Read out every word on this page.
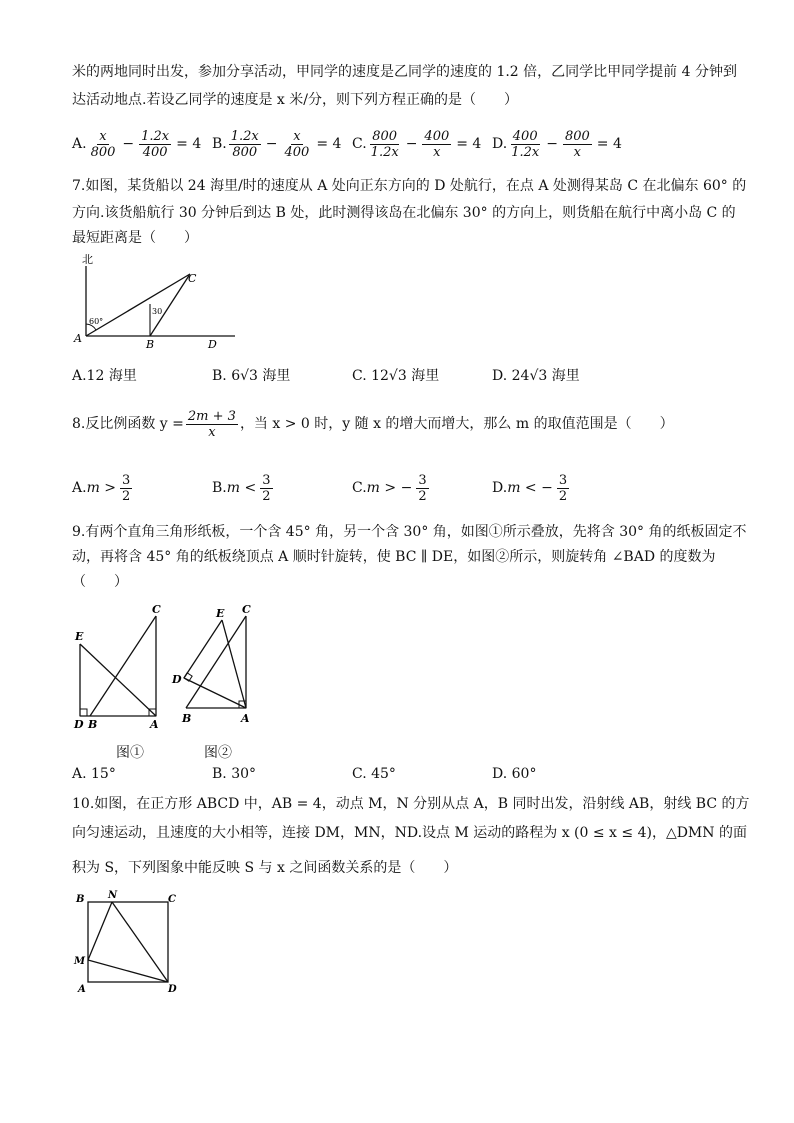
米的两地同时出发，参加分享活动，甲同学的速度是乙同学的速度的 1.2 倍，乙同学比甲同学提前 4 分钟到
达活动地点.若设乙同学的速度是 x 米/分，则下列方程正确的是（　　）
A. $\frac{x}{800} - \frac{1.2x}{400} = 4$ B. $\frac{1.2x}{800} - \frac{x}{400} = 4$ C. $\frac{800}{1.2x} - \frac{400}{x} = 4$ D. $\frac{400}{1.2x} - \frac{800}{x} = 4$
7.如图，某货船以 24 海里/时的速度从 A 处向正东方向的 D 处航行，在点 A 处测得某岛 C 在北偏东 60° 的
方向.该货船航行 30 分钟后到达 B 处，此时测得该岛在北偏东 30° 的方向上，则货船在航行中离小岛 C 的
最短距离是（　　）
北
60°
30
A	B
C
D
A.12 海里	B. 6√3 海里	C. 12√3 海里	D. 24√3 海里
8.反比例函数 $y = \frac{2m + 3}{x}$ ，当 x > 0 时，y 随 x 的增大而增大，那么 m 的取值范围是（　　）
A. $m > \frac{3}{2}$	B. $m < \frac{3}{2}$	C. m > − $\frac{3}{2}$	D. m < − $\frac{3}{2}$
9.有两个直角三角形纸板，一个含 45° 角，另一个含 30° 角，如图①所示叠放，先将含 30° 角的纸板固定不
动，再将含 45° 角的纸板绕顶点 A 顺时针旋转，使 BC ∥ DE，如图②所示，则旋转角 ∠BAD 的度数为
（　　）
E
C
D B	A
图①
E C
D
B	A
图②
A. 15°	B. 30°	C. 45°	D. 60°
10.如图，在正方形 ABCD 中，AB = 4，动点 M，N 分别从点 A，B 同时出发，沿射线 AB，射线 BC 的方
向匀速运动，且速度的大小相等，连接 DM，MN，ND.设点 M 运动的路程为 x (0 ≤ x ≤ 4)，△DMN 的面
积为 S，下列图象中能反映 S 与 x 之间函数关系的是（　　）
B N	C
M
A	D
